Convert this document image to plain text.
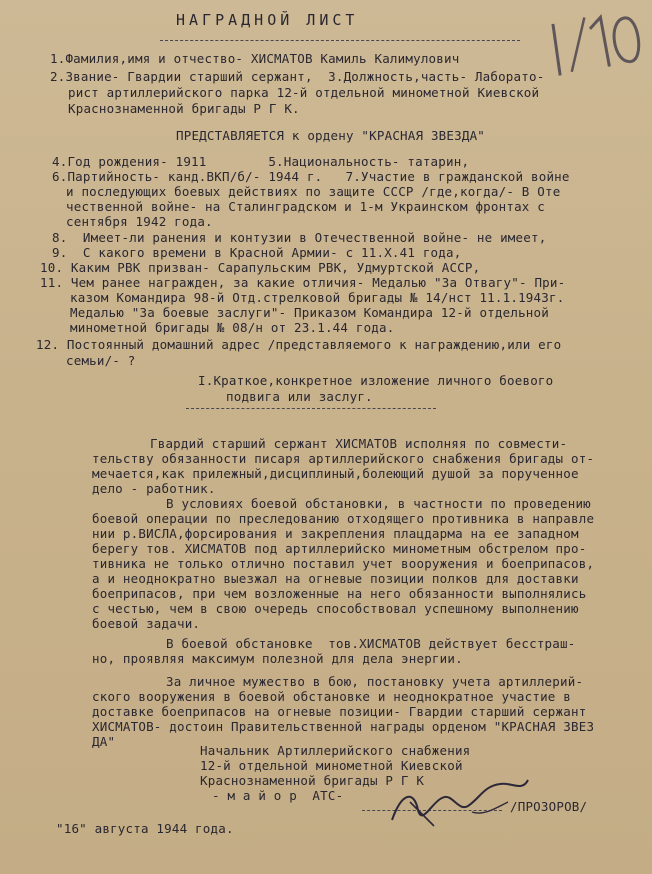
НАГРАДНОЙ ЛИСТ
1.Фамилия,имя и отчество- ХИСМАТОВ Камиль Калимулович
2.Звание- Гвардии старший сержант,  3.Должность,часть- Лаборато-
рист артиллерийского парка 12-й отдельной минометной Киевской
Краснознаменной бригады Р Г К.
ПРЕДСТАВЛЯЕТСЯ к ордену "КРАСНАЯ ЗВЕЗДА"
4.Год рождения- 1911        5.Национальность- татарин,
6.Партийность- канд.ВКП/б/- 1944 г.   7.Участие в гражданской войне
и последующих боевых действиях по защите СССР /где,когда/- В Оте
чественной войне- на Сталинградском и 1-м Украинском фронтах с
сентября 1942 года.
8.  Имеет-ли ранения и контузии в Отечественной войне- не имеет,
9.  С какого времени в Красной Армии- с 11.Х.41 года,
10. Каким РВК призван- Сарапульским РВК, Удмуртской АССР,
11. Чем ранее награжден, за какие отличия- Медалью "За Отвагу"- При-
казом Командира 98-й Отд.стрелковой бригады № 14/нст 11.1.1943г.
Медалью "За боевые заслуги"- Приказом Командира 12-й отдельной
минометной бригады № 08/н от 23.1.44 года.
12. Постоянный домашний адрес /представляемого к награждению,или его
семьи/- ?
I.Краткое,конкретное изложение личного боевого
подвига или заслуг.
Гвардий старший сержант ХИСМАТОВ исполняя по совмести-
тельству обязанности писаря артиллерийского снабжения бригады от-
мечается,как прилежный,дисциплиный,болеющий душой за порученное
дело - работник.
В условиях боевой обстановки, в частности по проведению
боевой операции по преследованию отходящего противника в направле
нии р.ВИСЛА,форсирования и закрепления плацдарма на ее западном
берегу тов. ХИСМАТОВ под артиллерийско минометным обстрелом про-
тивника не только отлично поставил учет вооружения и боеприпасов,
а и неоднократно выезжал на огневые позиции полков для доставки
боеприпасов, при чем возложенные на него обязанности выполнялись
с честью, чем в свою очередь способствовал успешному выполнению
боевой задачи.
В боевой обстановке  тов.ХИСМАТОВ действует бесстраш-
но, проявляя максимум полезной для дела энергии.
За личное мужество в бою, постановку учета артиллерий-
ского вооружения в боевой обстановке и неоднократное участие в
доставке боеприпасов на огневые позиции- Гвардии старший сержант
ХИСМАТОВ- достоин Правительственной награды орденом "КРАСНАЯ ЗВЕЗ
ДА"
Начальник Артиллерийского снабжения
12-й отдельной минометной Киевской
Краснознаменной бригады Р Г К
- м а й о р  АТС-
/ПРОЗОРОВ/
"16" августа 1944 года.
